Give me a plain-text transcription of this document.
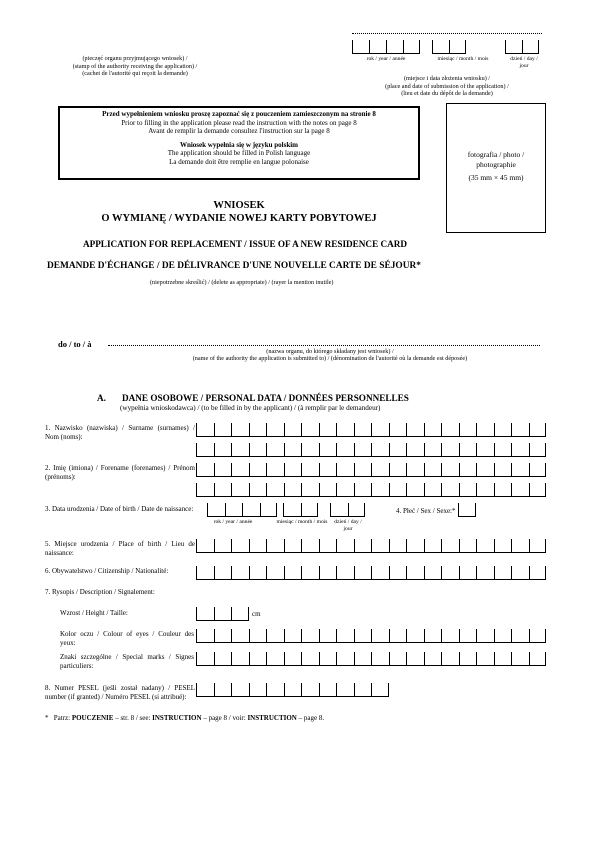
(pieczęć organu przyjmującego wniosek) /
(stamp of the authority receiving the application) /
(cachet de l'autorité qui reçoit la demande)
rok / year / année	miesiąc / month / mois	dzień / day / jour
(miejsce i data złożenia wniosku) /
(place and date of submission of the application) /
(lieu et date du dépôt de la demande)
Przed wypełnieniem wniosku proszę zapoznać się z pouczeniem zamieszczonym na stronie 8
Prior to filling in the application please read the instruction with the notes on page 8
Avant de remplir la demande consultez l'instruction sur la page 8
Wniosek wypełnia się w języku polskim
The application should be filled in Polish language
La demande doit être remplie en langue polonaise
fotografia / photo /
photographie
(35 mm × 45 mm)
WNIOSEK
O WYMIANĘ / WYDANIE NOWEJ KARTY POBYTOWEJ
APPLICATION FOR REPLACEMENT / ISSUE OF A NEW RESIDENCE CARD
DEMANDE D'ÉCHANGE / DE DÉLIVRANCE D'UNE NOUVELLE CARTE DE SÉJOUR*
(niepotrzebne skreślić) / (delete as appropriate) / (rayer la mention inutile)
do / to / à
(nazwa organu, do którego składany jest wniosek) /
(name of the authority the application is submitted to) / (dénomination de l'autorité où la demande est déposée)
A.       DANE OSOBOWE / PERSONAL DATA / DONNÉES PERSONNELLES
(wypełnia wnioskodawca) / (to be filled in by the applicant) / (à remplir par le demandeur)
1. Nazwisko (nazwiska) / Surname (surnames) / Nom (noms):
2. Imię (imiona) / Forename (forenames) / Prénom (prénoms):
3. Data urodzenia / Date of birth / Date de naissance:
rok / year / année	miesiąc / month / mois	dzień / day / jour
4. Płeć / Sex / Sexe:*
5. Miejsce urodzenia / Place of birth / Lieu de naissance:
6. Obywatelstwo / Citizenship / Nationalité:
7. Rysopis / Description / Signalement:
Wzrost / Height / Taille:	cm
Kolor oczu / Colour of eyes / Couleur des yeux:
Znaki szczególne / Special marks / Signes particuliers:
8. Numer PESEL (jeśli został nadany) / PESEL number (if granted) / Numéro PESEL (si attribué):
* Patrz: POUCZENIE – str. 8 / see: INSTRUCTION – page 8 / voir: INSTRUCTION – page 8.
